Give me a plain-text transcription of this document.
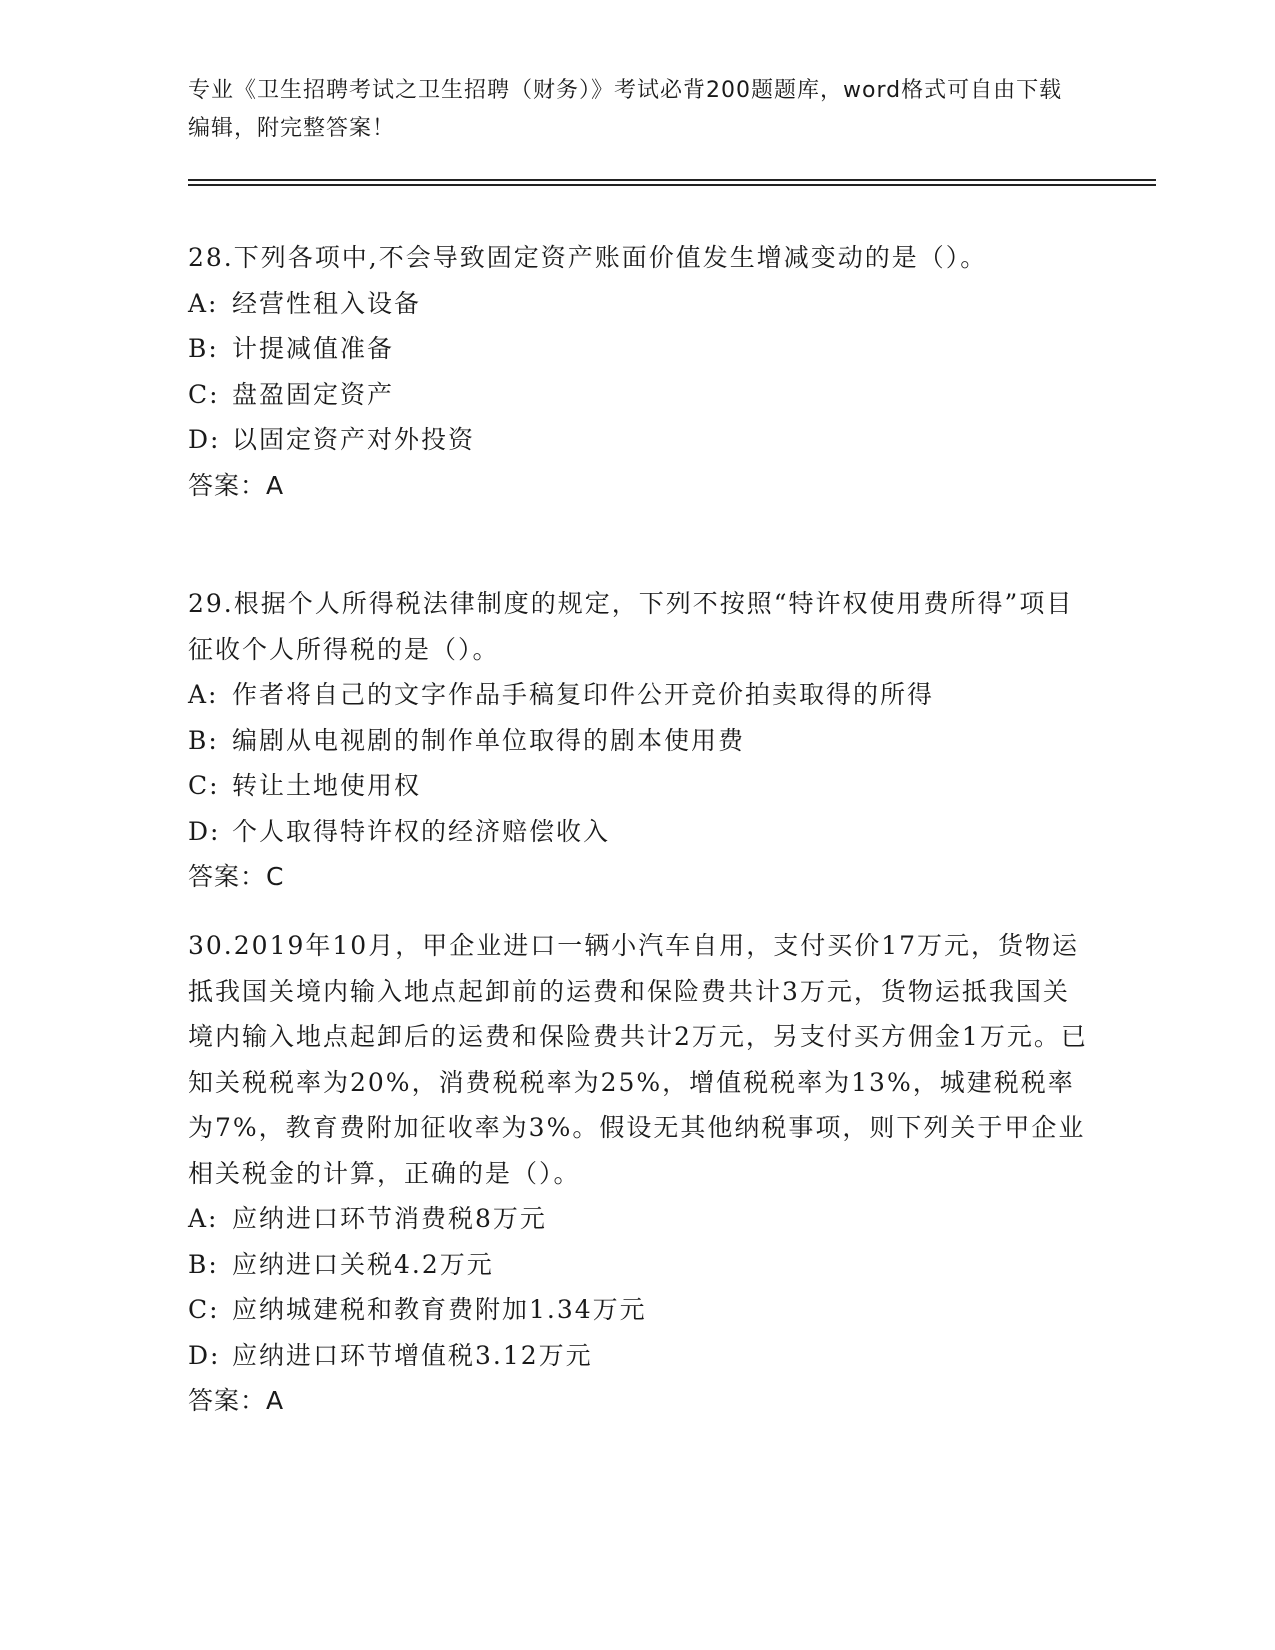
专业《卫生招聘考试之卫生招聘（财务）》考试必背200题题库，word格式可自由下载编辑，附完整答案！

28.下列各项中,不会导致固定资产账面价值发生增减变动的是（）。

A: 经营性租入设备

B: 计提减值准备

C: 盘盈固定资产

D: 以固定资产对外投资

答案：A

29.根据个人所得税法律制度的规定，下列不按照“特许权使用费所得”项目征收个人所得税的是（）。

A: 作者将自己的文字作品手稿复印件公开竞价拍卖取得的所得

B: 编剧从电视剧的制作单位取得的剧本使用费

C: 转让土地使用权

D: 个人取得特许权的经济赔偿收入

答案：C

30.2019年10月，甲企业进口一辆小汽车自用，支付买价17万元，货物运抵我国关境内输入地点起卸前的运费和保险费共计3万元，货物运抵我国关境内输入地点起卸后的运费和保险费共计2万元，另支付买方佣金1万元。已知关税税率为20%，消费税税率为25%，增值税税率为13%，城建税税率为7%，教育费附加征收率为3%。假设无其他纳税事项，则下列关于甲企业相关税金的计算，正确的是（）。

A: 应纳进口环节消费税8万元

B: 应纳进口关税4.2万元

C: 应纳城建税和教育费附加1.34万元

D: 应纳进口环节增值税3.12万元

答案：A
